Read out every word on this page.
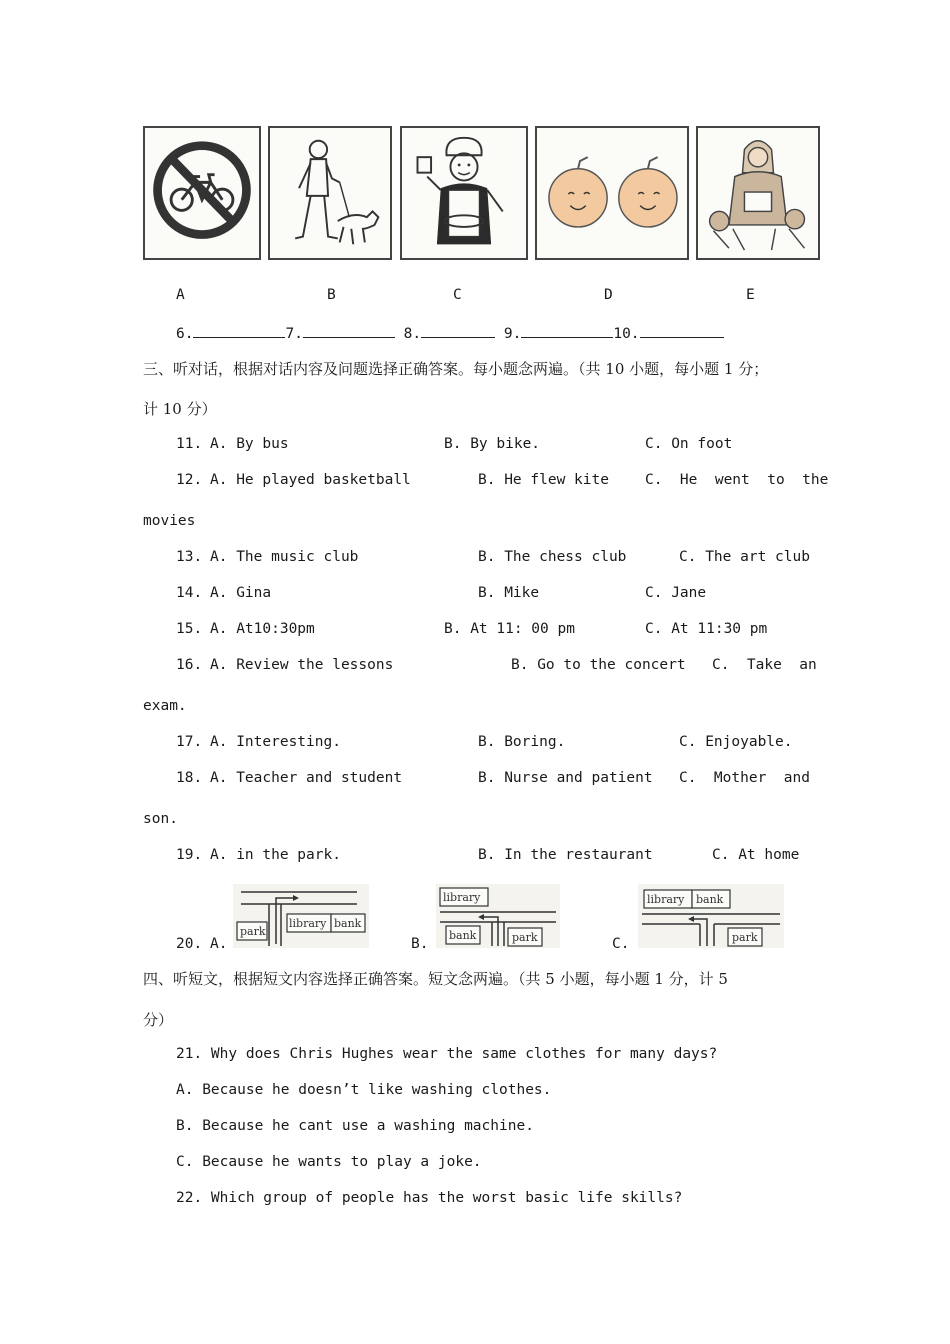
A	B	C	D	E
6.	7.	8.	9.	10.
三、听对话，根据对话内容及问题选择正确答案。每小题念两遍。（共 10 小题，每小题 1 分；
计 10 分）
11. A. By bus	B. By bike.	C. On foot
12. A. He played basketball	B. He flew kite C.  He  went  to  the
movies
13. A. The music club	B. The chess club	C. The art club
14. A. Gina	B. Mike	C. Jane
15. A. At10:30pm	B. At 11: 00 pm	C. At 11:30 pm
16. A. Review the lessons	B. Go to the concert C.  Take  an
exam.
17. A. Interesting.	B. Boring.	C. Enjoyable.
18. A. Teacher and student	B. Nurse and patient C.  Mother  and
son.
19. A. in the park.	B. In the restaurant	C. At home
20. A.
park
library bank
B.
library
bank	park	C.
library bank
park
四、听短文，根据短文内容选择正确答案。短文念两遍。（共 5 小题，每小题 1 分，计 5
分）
21. Why does Chris Hughes wear the same clothes for many days?
A. Because he doesn’t like washing clothes.
B. Because he cant use a washing machine.
C. Because he wants to play a joke.
22. Which group of people has the worst basic life skills?
